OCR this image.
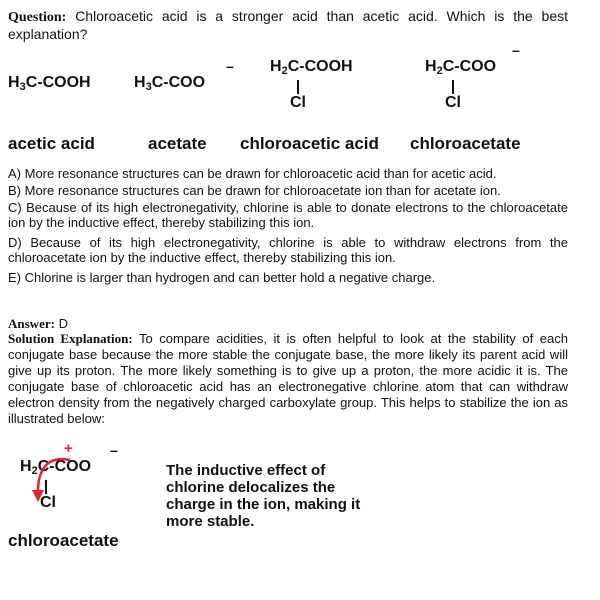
Question: Chloroacetic acid is a stronger acid than acetic acid. Which is the best explanation?
$H_3C$-COOH	$H_3C$-COO
– $H_2C$-COOH
Cl
$H_2C$-COO
–
Cl
acetic acid	acetate chloroacetic acid chloroacetate
A) More resonance structures can be drawn for chloroacetic acid than for acetic acid.
B) More resonance structures can be drawn for chloroacetate ion than for acetate ion.
C) Because of its high electronegativity, chlorine is able to donate electrons to the chloroacetate ion by the inductive effect, thereby stabilizing this ion.
D) Because of its high electronegativity, chlorine is able to withdraw electrons from the chloroacetate ion by the inductive effect, thereby stabilizing this ion.
E) Chlorine is larger than hydrogen and can better hold a negative charge.
Answer: D
Solution Explanation: To compare acidities, it is often helpful to look at the stability of each conjugate base because the more stable the conjugate base, the more likely its parent acid will give up its proton. The more likely something is to give up a proton, the more acidic it is. The conjugate base of chloroacetic acid has an electronegative chlorine atom that can withdraw electron density from the negatively charged carboxylate group. This helps to stabilize the ion as illustrated below:
$H_2C$-COO
+	–
Cl
The inductive effect of chlorine delocalizes the charge in the ion, making it more stable.
chloroacetate
